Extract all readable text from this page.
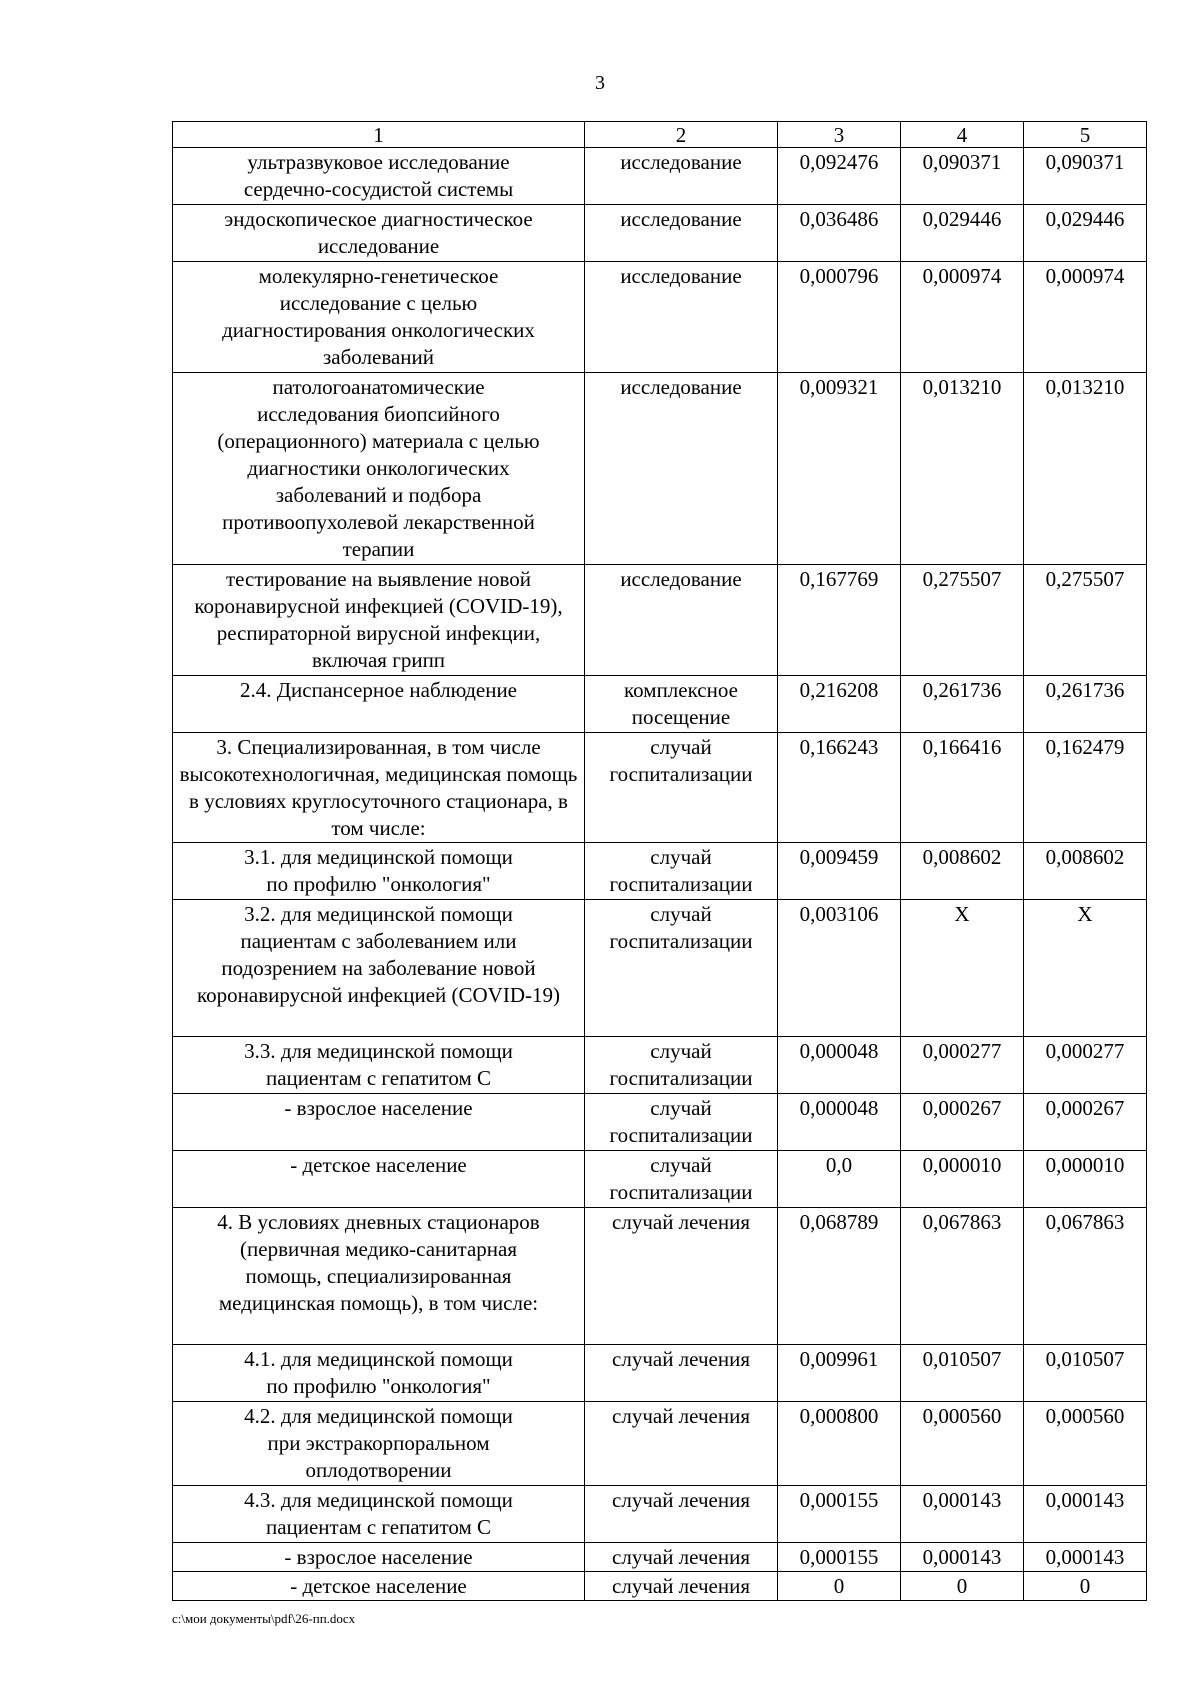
3
1	2	3	4	5
ультразвуковое исследование сердечно-сосудистой системы	исследование	0,092476	0,090371	0,090371
эндоскопическое диагностическое исследование	исследование	0,036486	0,029446	0,029446
молекулярно-генетическое исследование с целью диагностирования онкологических заболеваний	исследование	0,000796	0,000974	0,000974
патологоанатомические исследования биопсийного (операционного) материала с целью диагностики онкологических заболеваний и подбора противоопухолевой лекарственной терапии	исследование	0,009321	0,013210	0,013210
тестирование на выявление новой коронавирусной инфекцией (COVID-19), респираторной вирусной инфекции, включая грипп	исследование	0,167769	0,275507	0,275507
2.4. Диспансерное наблюдение	комплексное посещение	0,216208	0,261736	0,261736
3. Специализированная, в том числе высокотехнологичная, медицинская помощь в условиях круглосуточного стационара, в том числе:	случай госпитализации	0,166243	0,166416	0,162479
3.1. для медицинской помощи по профилю "онкология"	случай госпитализации	0,009459	0,008602	0,008602
3.2. для медицинской помощи пациентам с заболеванием или подозрением на заболевание новой коронавирусной инфекцией (COVID-19)	случай госпитализации	0,003106	Х	Х
3.3. для медицинской помощи пациентам с гепатитом С	случай госпитализации	0,000048	0,000277	0,000277
- взрослое население	случай госпитализации	0,000048	0,000267	0,000267
- детское население	случай госпитализации	0,0	0,000010	0,000010
4. В условиях дневных стационаров (первичная медико-санитарная помощь, специализированная медицинская помощь), в том числе:	случай лечения	0,068789	0,067863	0,067863
4.1. для медицинской помощи по профилю "онкология"	случай лечения	0,009961	0,010507	0,010507
4.2. для медицинской помощи при экстракорпоральном оплодотворении	случай лечения	0,000800	0,000560	0,000560
4.3. для медицинской помощи пациентам с гепатитом С	случай лечения	0,000155	0,000143	0,000143
- взрослое население	случай лечения	0,000155	0,000143	0,000143
- детское население	случай лечения	0	0	0
c:\мои документы\pdf\26-пп.docx
